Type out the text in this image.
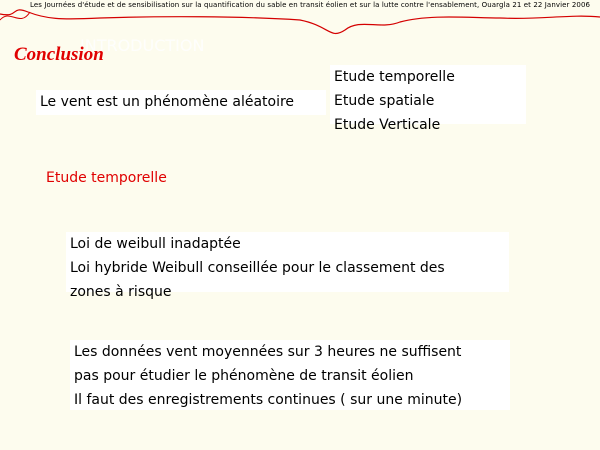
Les Journées d'étude et de sensibilisation sur la quantification du sable en transit éolien et sur la lutte contre l'ensablement, Ouargla 21 et 22 Janvier 2006
INTRODUCTION
Conclusion
Le vent est un phénomène aléatoire
Etude temporelle
Etude spatiale
Etude Verticale
Etude temporelle
Loi de weibull inadaptée
Loi hybride Weibull conseillée pour le classement des
zones à risque
Les données vent moyennées sur 3 heures ne suffisent
pas pour étudier le phénomène de transit éolien
Il faut des enregistrements continues ( sur une minute)
